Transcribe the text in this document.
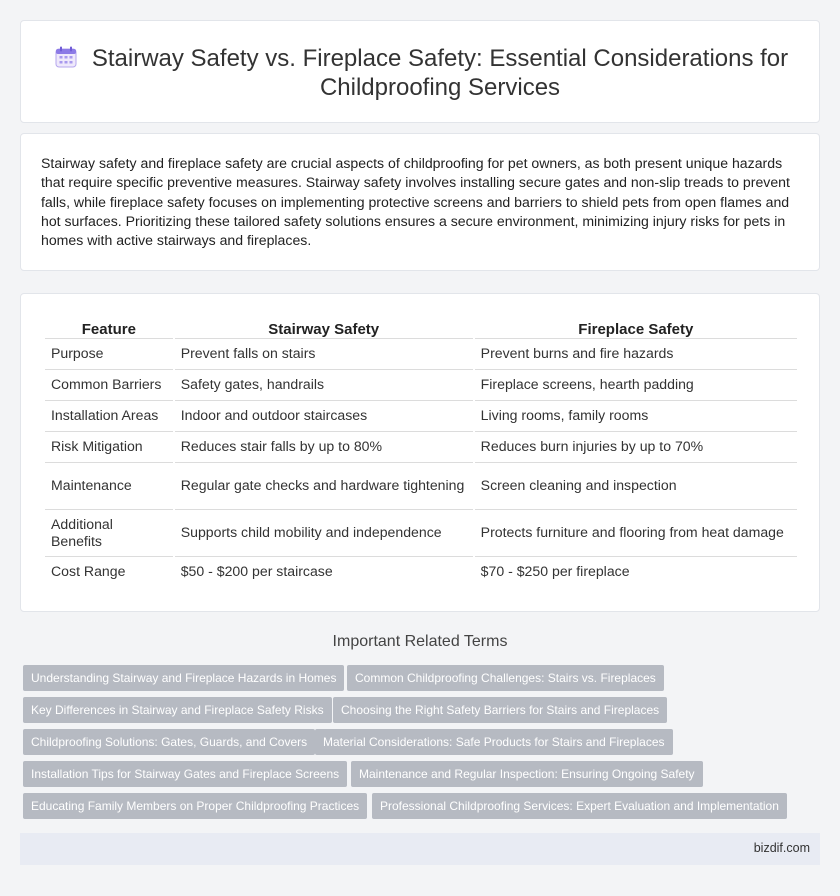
Stairway Safety vs. Fireplace Safety: Essential Considerations for Childproofing Services

Stairway safety and fireplace safety are crucial aspects of childproofing for pet owners, as both present unique hazards that require specific preventive measures. Stairway safety involves installing secure gates and non-slip treads to prevent falls, while fireplace safety focuses on implementing protective screens and barriers to shield pets from open flames and hot surfaces. Prioritizing these tailored safety solutions ensures a secure environment, minimizing injury risks for pets in homes with active stairways and fireplaces.

Feature	Stairway Safety	Fireplace Safety
Purpose	Prevent falls on stairs	Prevent burns and fire hazards
Common Barriers	Safety gates, handrails	Fireplace screens, hearth padding
Installation Areas	Indoor and outdoor staircases	Living rooms, family rooms
Risk Mitigation	Reduces stair falls by up to 80%	Reduces burn injuries by up to 70%
Maintenance	Regular gate checks and hardware tightening	Screen cleaning and inspection
Additional Benefits	Supports child mobility and independence	Protects furniture and flooring from heat damage
Cost Range	$50 - $200 per staircase	$70 - $250 per fireplace
Important Related Terms
Understanding Stairway and Fireplace Hazards in Homes	Common Childproofing Challenges: Stairs vs. Fireplaces
Key Differences in Stairway and Fireplace Safety Risks	Choosing the Right Safety Barriers for Stairs and Fireplaces
Childproofing Solutions: Gates, Guards, and Covers	Material Considerations: Safe Products for Stairs and Fireplaces
Installation Tips for Stairway Gates and Fireplace Screens	Maintenance and Regular Inspection: Ensuring Ongoing Safety
Educating Family Members on Proper Childproofing Practices	Professional Childproofing Services: Expert Evaluation and Implementation
bizdif.com
